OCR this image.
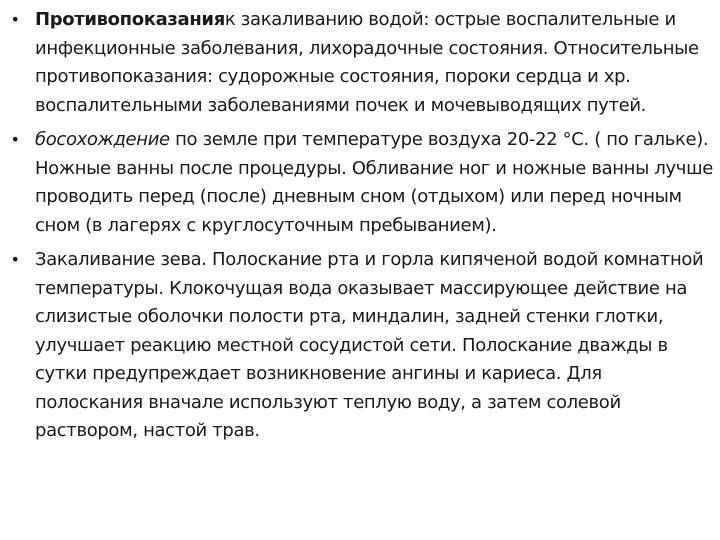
• Противопоказанияк закаливанию водой: острые воспалительные и инфекционные заболевания, лихорадочные состояния. Относительные противопоказания: судорожные состояния, пороки сердца и хр. воспалительными заболеваниями почек и мочевыводящих путей.
• босохождение по земле при температуре воздуха 20-22 °С. ( по гальке). Ножные ванны после процедуры. Обливание ног и ножные ванны лучше проводить перед (после) дневным сном (отдыхом) или перед ночным сном (в лагерях с круглосуточным пребыванием).
• Закаливание зева. Полоскание рта и горла кипяченой водой комнатной температуры. Клокочущая вода оказывает массирующее действие на слизистые оболочки полости рта, миндалин, задней стенки глотки, улучшает реакцию местной сосудистой сети. Полоскание дважды в сутки предупреждает возникновение ангины и кариеса. Для полоскания вначале используют теплую воду, а затем солевой раствором, настой трав.
